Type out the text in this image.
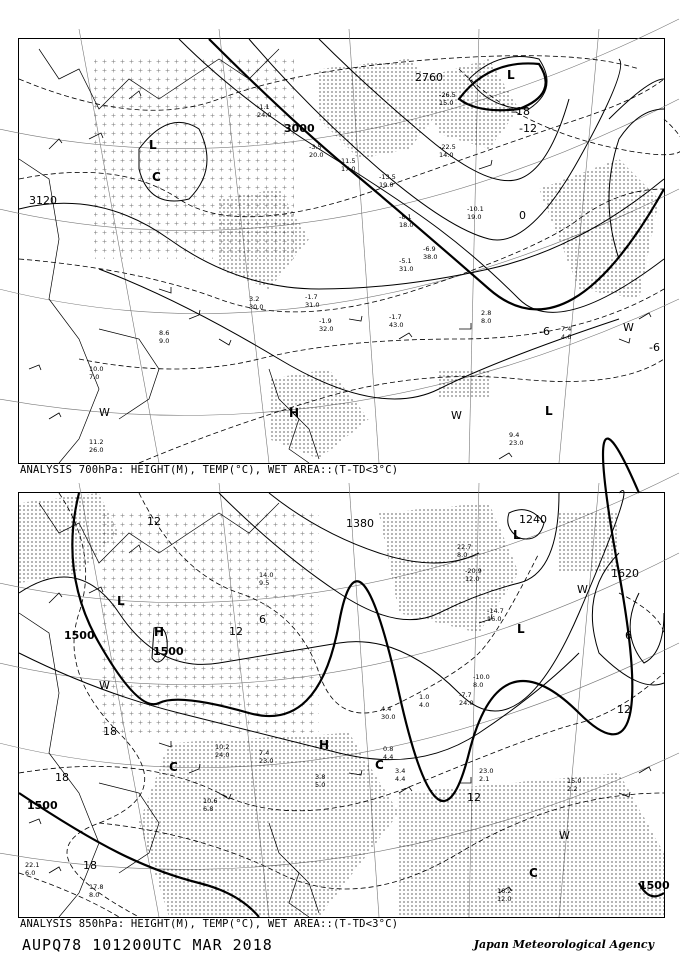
3120
3000
2760
-18
-12
-6
0
-6
L
L
L
C
H
W	W
W
-1.1
24.0
-3.5
20.0
11.5
17.0
-13.5
19.0
-8.1
18.0
-5.1
31.0
-1.7
31.0
-1.9
32.0
-1.7
43.0
2.8
8.0
7.4
4.6
9.4
23.0
11.2
26.0
10.0
7.0
8.6
9.0
3.2
30.0
-6.9
38.0
-10.1
19.0
-22.5
14.0
-26.5
15.0
ANALYSIS 700hPa: HEIGHT(M), TEMP(°C), WET AREA::(T-TD<3°C)
1500
1500
1380
1500
1620
1500
1240
12
12
6
18
18
18
12
12
6
L
H
C
W
H
C
C
W
W
L
L
22.7
8.0
-20.9
12.0
-10.0
8.0
14.0
9.5
-14.7
16.0
23.0
2.1
1.0
4.0
-7.7
24.0
4.4
30.0
0.8
4.4
3.4
4.4	15.0
2.2
16.2
12.0
10.2
24.0	7.4
23.0
3.8
5.0
17.8
8.0
10.6
6.8
22.1
6.0
ANALYSIS 850hPa: HEIGHT(M), TEMP(°C), WET AREA::(T-TD<3°C)
AUPQ78 101200UTC MAR 2018	Japan Meteorological Agency
